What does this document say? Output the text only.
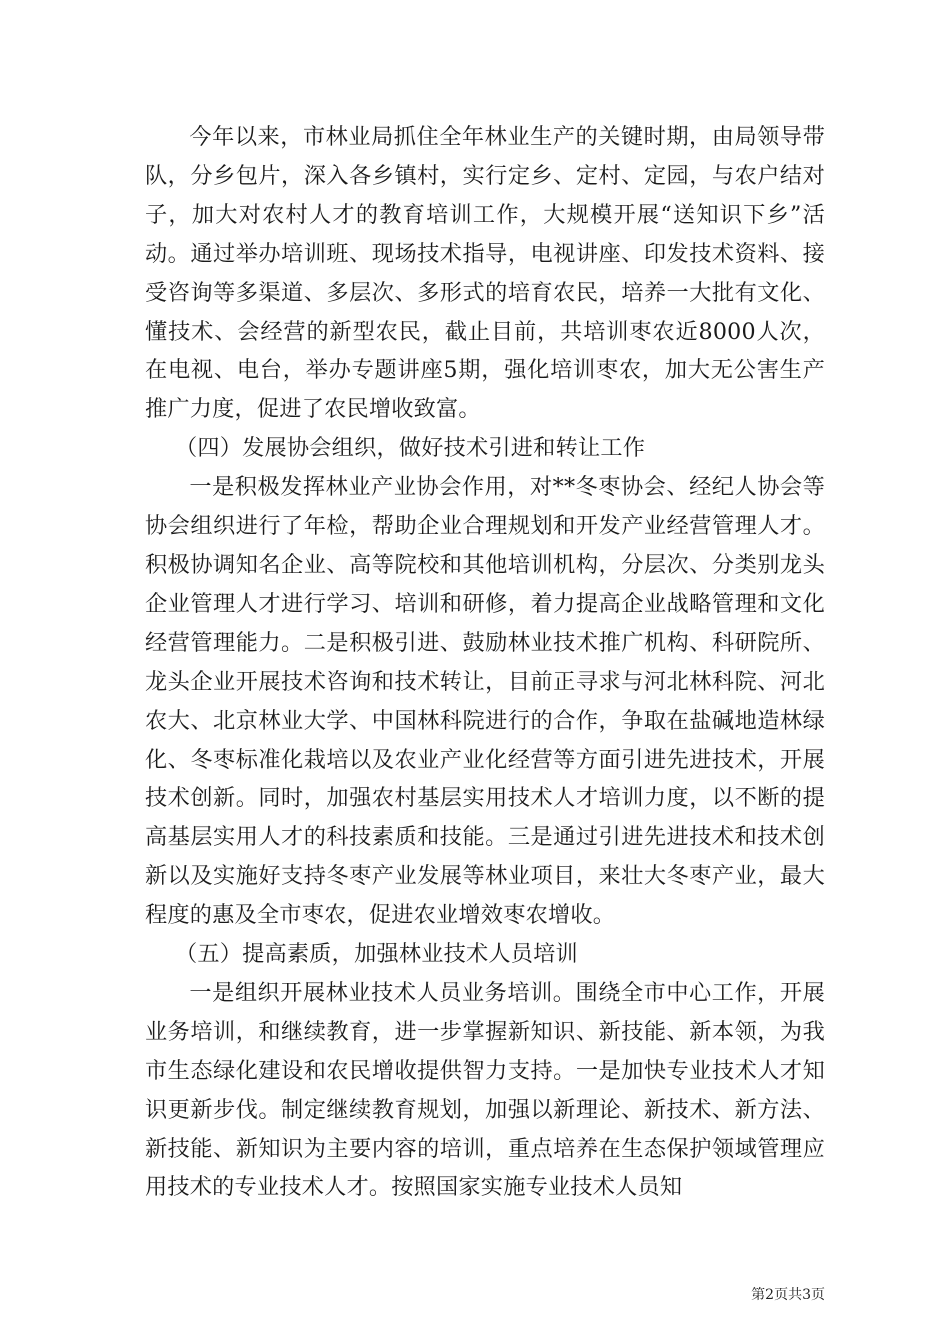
今年以来，市林业局抓住全年林业生产的关键时期，由局领导带队，分乡包片，深入各乡镇村，实行定乡、定村、定园，与农户结对子，加大对农村人才的教育培训工作，大规模开展“送知识下乡”活动。通过举办培训班、现场技术指导，电视讲座、印发技术资料、接受咨询等多渠道、多层次、多形式的培育农民，培养一大批有文化、懂技术、会经营的新型农民，截止目前，共培训枣农近8000人次，在电视、电台，举办专题讲座5期，强化培训枣农，加大无公害生产推广力度，促进了农民增收致富。

（四）发展协会组织，做好技术引进和转让工作

一是积极发挥林业产业协会作用，对**冬枣协会、经纪人协会等协会组织进行了年检，帮助企业合理规划和开发产业经营管理人才。积极协调知名企业、高等院校和其他培训机构，分层次、分类别龙头企业管理人才进行学习、培训和研修，着力提高企业战略管理和文化经营管理能力。二是积极引进、鼓励林业技术推广机构、科研院所、龙头企业开展技术咨询和技术转让，目前正寻求与河北林科院、河北农大、北京林业大学、中国林科院进行的合作，争取在盐碱地造林绿化、冬枣标准化栽培以及农业产业化经营等方面引进先进技术，开展技术创新。同时，加强农村基层实用技术人才培训力度，以不断的提高基层实用人才的科技素质和技能。三是通过引进先进技术和技术创新以及实施好支持冬枣产业发展等林业项目，来壮大冬枣产业，最大程度的惠及全市枣农，促进农业增效枣农增收。

（五）提高素质，加强林业技术人员培训

一是组织开展林业技术人员业务培训。围绕全市中心工作，开展业务培训，和继续教育，进一步掌握新知识、新技能、新本领，为我市生态绿化建设和农民增收提供智力支持。一是加快专业技术人才知识更新步伐。制定继续教育规划，加强以新理论、新技术、新方法、新技能、新知识为主要内容的培训，重点培养在生态保护领域管理应用技术的专业技术人才。按照国家实施专业技术人员知

第2页共3页
